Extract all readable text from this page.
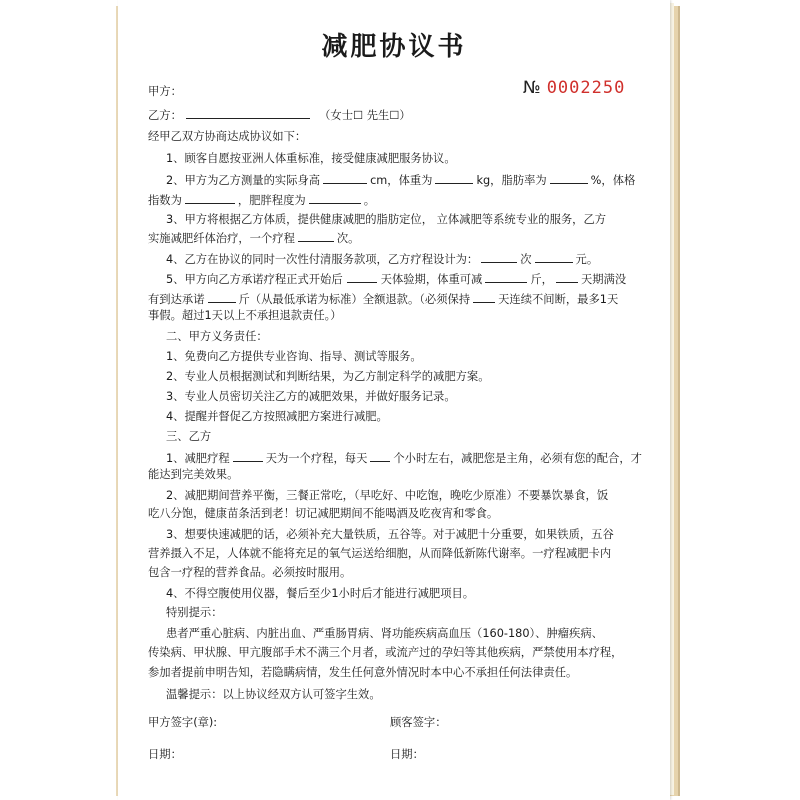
减肥协议书
№ 0002250
甲方：
乙方：	（女士☐ 先生☐）
经甲乙双方协商达成协议如下：
1、顾客自愿按亚洲人体重标准，接受健康减肥服务协议。
2、甲方为乙方测量的实际身高	cm，体重为	kg，脂肪率为	%，体格
指数为	，肥胖程度为	。
3、甲方将根据乙方体质，提供健康减肥的脂肪定位， 立体减肥等系统专业的服务，乙方
实施减肥纤体治疗，一个疗程	次。
4、乙方在协议的同时一次性付清服务款项，乙方疗程设计为：	次	元。
5、甲方向乙方承诺疗程正式开始后	天体验期，体重可减	斤， 天期满没
有到达承诺	斤（从最低承诺为标准）全额退款。（必须保持 天连续不间断，最多1天
事假。超过1天以上不承担退款责任。）
二、甲方义务责任：
1、免费向乙方提供专业咨询、指导、测试等服务。
2、专业人员根据测试和判断结果，为乙方制定科学的减肥方案。
3、专业人员密切关注乙方的减肥效果，并做好服务记录。
4、提醒并督促乙方按照减肥方案进行减肥。
三、乙方
1、减肥疗程	天为一个疗程，每天 个小时左右，减肥您是主角，必须有您的配合，才
能达到完美效果。
2、减肥期间营养平衡，三餐正常吃，（早吃好、中吃饱，晚吃少原准）不要暴饮暴食，饭
吃八分饱，健康苗条活到老！切记减肥期间不能喝酒及吃夜宵和零食。
3、想要快速减肥的话，必须补充大量铁质，五谷等。对于减肥十分重要，如果铁质，五谷
营养摄入不足，人体就不能将充足的氧气运送给细胞，从而降低新陈代谢率。一疗程减肥卡内
包含一疗程的营养食品。必须按时服用。
4、不得空腹使用仪器，餐后至少1小时后才能进行减肥项目。
特别提示：
患者严重心脏病、内脏出血、严重肠胃病、肾功能疾病高血压（160-180）、肿瘤疾病、
传染病、甲状腺、甲亢腹部手术不满三个月者，或流产过的孕妇等其他疾病，严禁使用本疗程，
参加者提前申明告知，若隐瞒病情，发生任何意外情况时本中心不承担任何法律责任。
温馨提示：以上协议经双方认可签字生效。
甲方签字(章):	顾客签字：
日期：	日期：
